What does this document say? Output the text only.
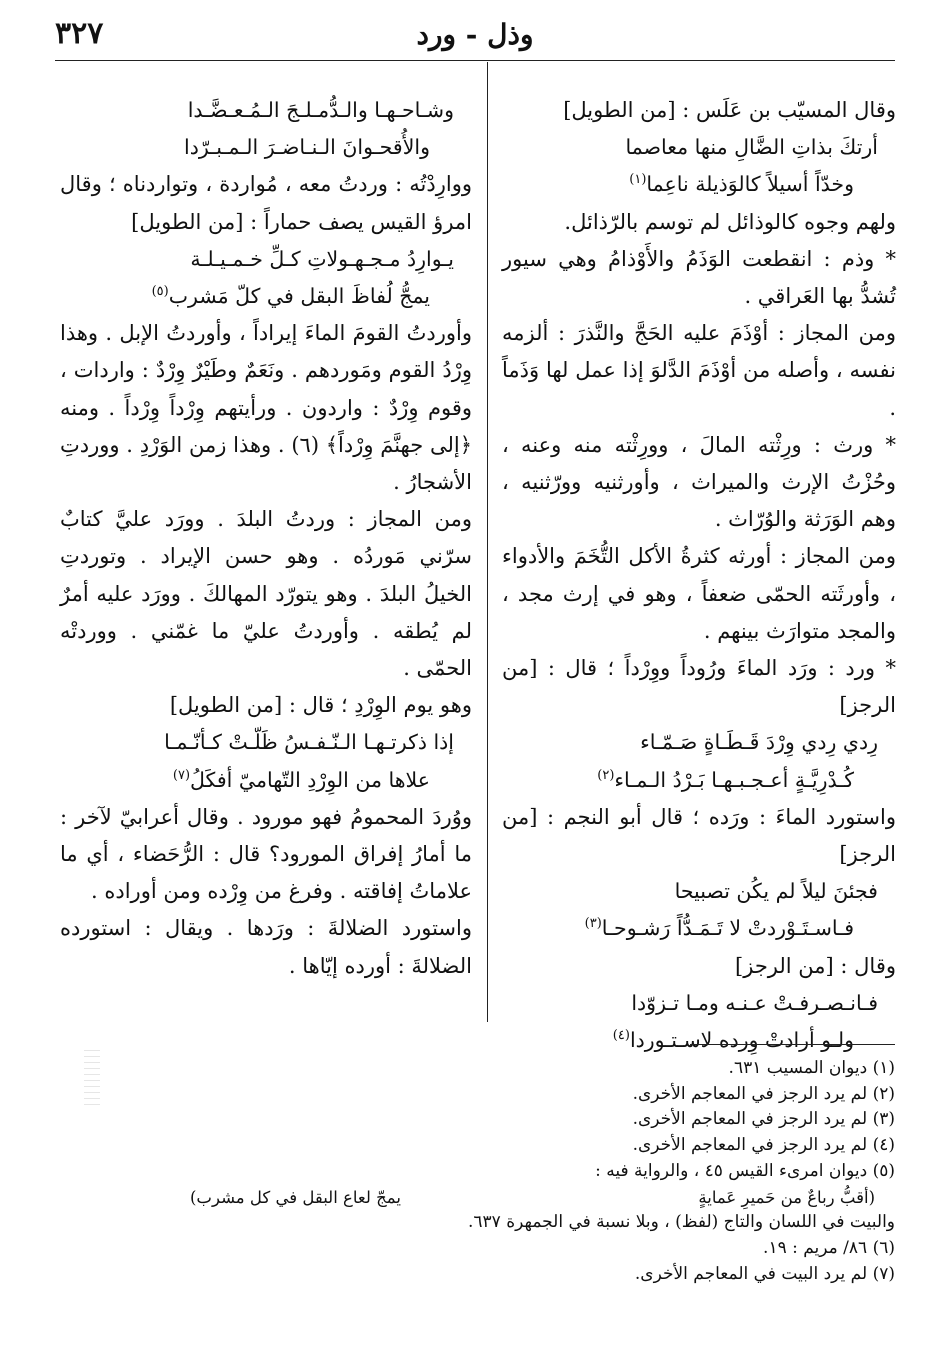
وذل - ورد
٣٢٧

وقال المسيّب بن عَلَس : [من الطويل]

أرتكَ بذاتِ الضَّالِ منها معاصما

وخدّاً أسيلاً كالوَذيلة ناعِما$^{(١)}$

ولهم وجوه كالوذائل لم توسم بالرّذائل.

* وذم : انقطعت الوَذَمُ والأَوْذامُ وهي سيور تُشدُّ بها العَراقي .

ومن المجاز : أوْذَمَ عليه الحَجَّ والنَّذرَ : ألزمه نفسه ، وأصله من أوْذَمَ الدَّلوَ إذا عمل لها وَذَماً .

* ورث : ورِثْته المالَ ، وورِثْته منه وعنه ، وحُزْتُ الإرث والميراث ، وأورثنيه وورّثنيه ، وهم الوَرَثة والوُرّاث .

ومن المجاز : أورثه كثرةُ الأكل التُّخَمَ والأدواء ، وأورثَته الحمّى ضعفاً ، وهو في إرث مجد ، والمجد متوارَث بينهم .

* ورد : ورَد الماءَ ورُوداً ووِرْداً ؛ قال : [من الرجز]

رِدي رِدي وِرْدَ قَـطَـاةٍ صَـمّـاء

كُـدْرِيَّـةٍ أعـجـبـهـا بَـرْدُ الـمـاء$^{(٢)}$

واستورد الماءَ : ورَده ؛ قال أبو النجم : [من الرجز]

فجئنَ ليلاً لم يكُن تصبيحا

فـاسـتَـوْردتْ لا تَـمَـدُّاً رَشـوحـا$^{(٣)}$

وقال : [من الرجز]

فـانـصـرفـتْ عـنـه ومـا تـزوّدا

ولـو أرادتْ وِرده لاسـتـوردا$^{(٤)}$

وشـاحـهـا والـدُّمـلـجَ الـمُـعـضَّـدا

والأُقحـوانَ الـنـاضـرَ الـمـبـرّدا

ووارِدْتُه : وردتُ معه ، مُواردة ، وتواردناه ؛ وقال امرؤ القيس يصف حماراً : [من الطويل]

يـوارِدُ مـجـهـولاتِ كـلِّ خـمـيـلـة

يمجُّ لُفاظَ البقل في كلّ مَشرب$^{(٥)}$

وأوردتُ القومَ الماءَ إيراداً ، وأوردتُ الإبل . وهذا وِرْدُ القوم ومَوردهم . ونَعَمٌ وطَيْرٌ وِرْدٌ : واردات ، وقوم وِرْدٌ : واردون . ورأيتهم وِرْداً وِرْداً . ومنه ﴿إلى جهنَّمَ وِرْداً﴾ (٦) . وهذا زمن الوَرْدِ . ووردتِ الأشجارُ .

ومن المجاز : وردتُ البلدَ . وورَد عليَّ كتابٌ سرّني مَوردُه . وهو حسن الإيراد . وتوردتِ الخيلُ البلدَ . وهو يتورّد المهالكَ . وورَد عليه أمرٌ لم يُطقه . وأوردتُ عليّ ما غمّني . ووردتْه الحمّى .

وهو يوم الوِرْدِ ؛ قال : [من الطويل]

إذا ذكرتـهـا الـنّـفـسُ ظَلّـتْ كـأنّـمـا

علاها من الوِرْدِ التّهاميّ أفكَلُ$^{(٧)}$

ووُردَ المحمومُ فهو مورود . وقال أعرابيّ لآخر : ما أمارُ إفراق المورود؟ قال : الرُّحَضاء ، أي ما علاماتُ إفاقته . وفرغ من وِرْده ومن أوراده .

واستورد الضلالةَ : ورَدها . ويقال : استورده الضلالةَ : أورده إيّاها .

(١) ديوان المسيب ٦٣١.

(٢) لم يرد الرجز في المعاجم الأخرى.

(٣) لم يرد الرجز في المعاجم الأخرى.

(٤) لم يرد الرجز في المعاجم الأخرى.

(٥) ديوان امرىء القيس ٤٥ ، والرواية فيه :

(أقبُّ رباعٌ من حَميرِ عَمايةٍ
يمجّ لعاع البقل في كل مشرب)

والبيت في اللسان والتاج (لفظ) ، وبلا نسبة في الجمهرة ٦٣٧.

(٦) ٨٦/ مريم : ١٩.

(٧) لم يرد البيت في المعاجم الأخرى.
